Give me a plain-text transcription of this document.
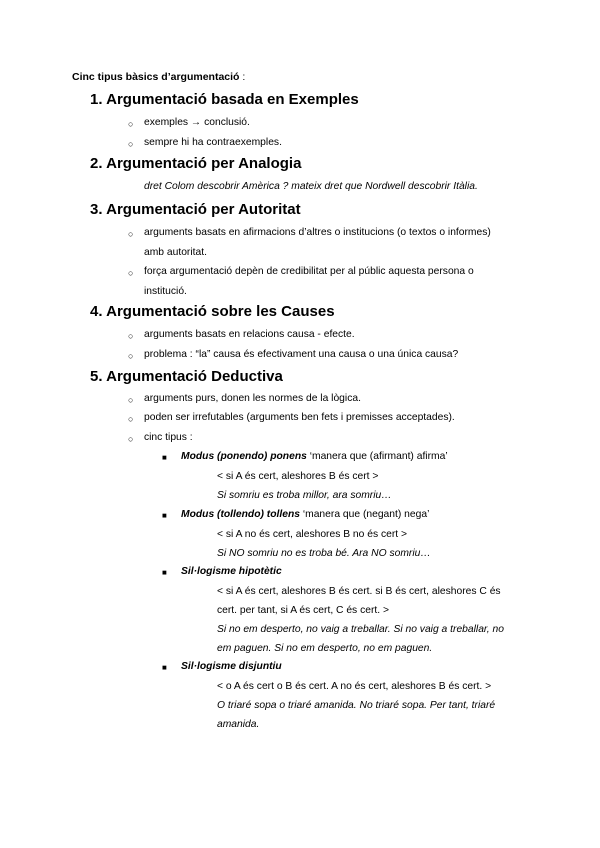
Cinc tipus bàsics d’argumentació :
1. Argumentació basada en Exemples
○ exemples → conclusió.
○ sempre hi ha contraexemples.
2. Argumentació per Analogia
dret Colom descobrir Amèrica ? mateix dret que Nordwell descobrir Itàlia.
3. Argumentació per Autoritat
○ arguments basats en afirmacions d’altres o institucions (o textos o informes)
amb autoritat.
○ força argumentació depèn de credibilitat per al públic aquesta persona o
institució.
4. Argumentació sobre les Causes
○ arguments basats en relacions causa - efecte.
○ problema : “la” causa és efectivament una causa o una única causa?
5. Argumentació Deductiva
○ arguments purs, donen les normes de la lògica.
○ poden ser irrefutables (arguments ben fets i premisses acceptades).
○ cinc tipus :
■ Modus (ponendo) ponens ‘manera que (afirmant) afirma’
< si A és cert, aleshores B és cert >
Si somriu es troba millor, ara somriu…
■ Modus (tollendo) tollens ‘manera que (negant) nega’
< si A no és cert, aleshores B no és cert >
Si NO somriu no es troba bé. Ara NO somriu…
■ Sil·logisme hipotètic
< si A és cert, aleshores B és cert. si B és cert, aleshores C és
cert. per tant, si A és cert, C és cert. >
Si no em desperto, no vaig a treballar. Si no vaig a treballar, no
em paguen. Si no em desperto, no em paguen.
■ Sil·logisme disjuntiu
< o A és cert o B és cert. A no és cert, aleshores B és cert. >
O triaré sopa o triaré amanida. No triaré sopa. Per tant, triaré
amanida.
